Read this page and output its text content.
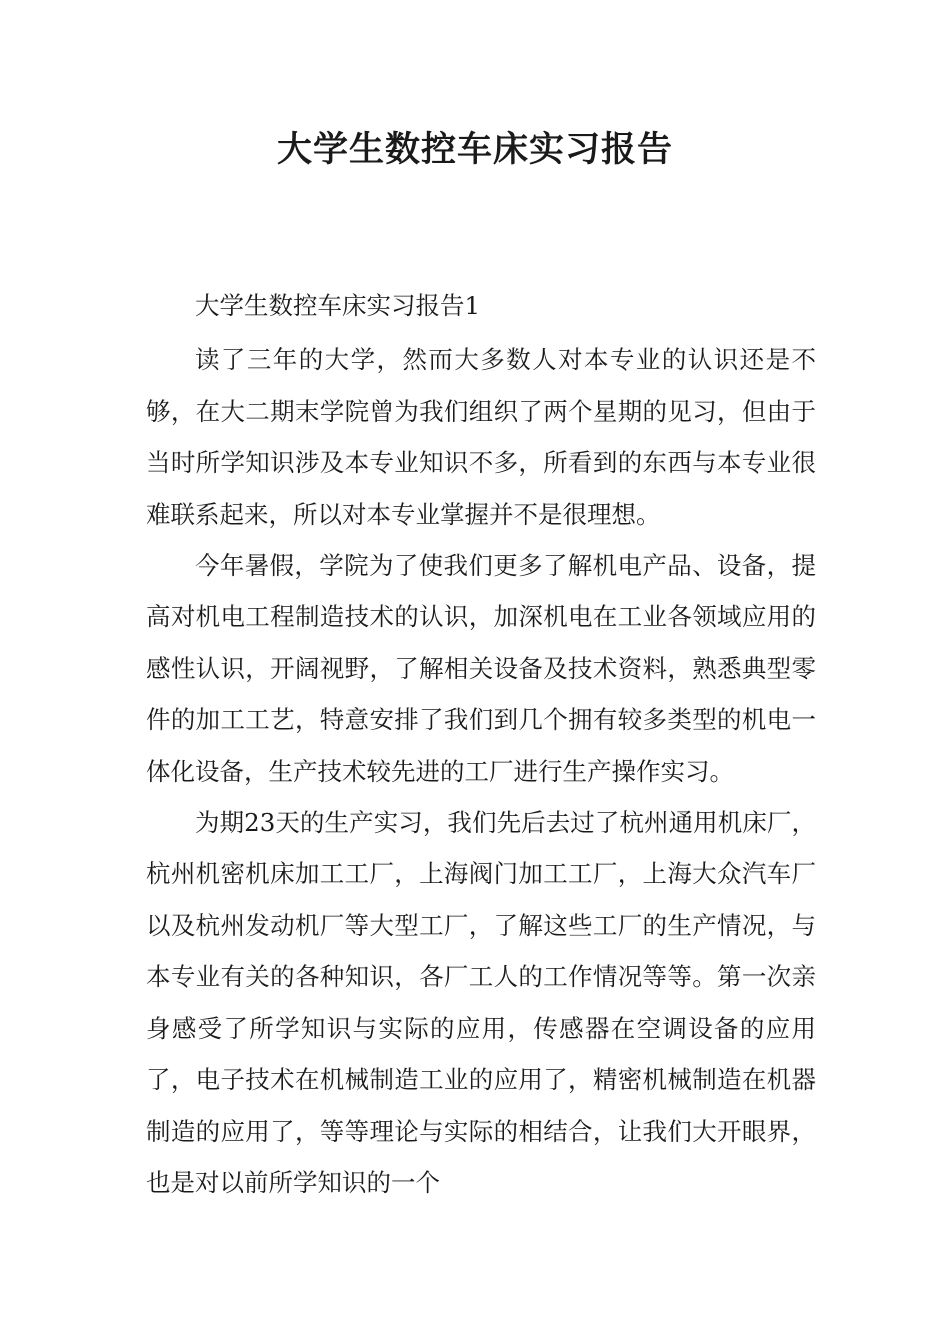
大学生数控车床实习报告

大学生数控车床实习报告1

读了三年的大学，然而大多数人对本专业的认识还是不够，在大二期末学院曾为我们组织了两个星期的见习，但由于当时所学知识涉及本专业知识不多，所看到的东西与本专业很难联系起来，所以对本专业掌握并不是很理想。

今年暑假，学院为了使我们更多了解机电产品、设备，提高对机电工程制造技术的认识，加深机电在工业各领域应用的感性认识，开阔视野，了解相关设备及技术资料，熟悉典型零件的加工工艺，特意安排了我们到几个拥有较多类型的机电一体化设备，生产技术较先进的工厂进行生产操作实习。

为期23天的生产实习，我们先后去过了杭州通用机床厂，杭州机密机床加工工厂，上海阀门加工工厂，上海大众汽车厂以及杭州发动机厂等大型工厂，了解这些工厂的生产情况，与本专业有关的各种知识，各厂工人的工作情况等等。第一次亲身感受了所学知识与实际的应用，传感器在空调设备的应用了，电子技术在机械制造工业的应用了，精密机械制造在机器制造的应用了，等等理论与实际的相结合，让我们大开眼界，也是对以前所学知识的一个
